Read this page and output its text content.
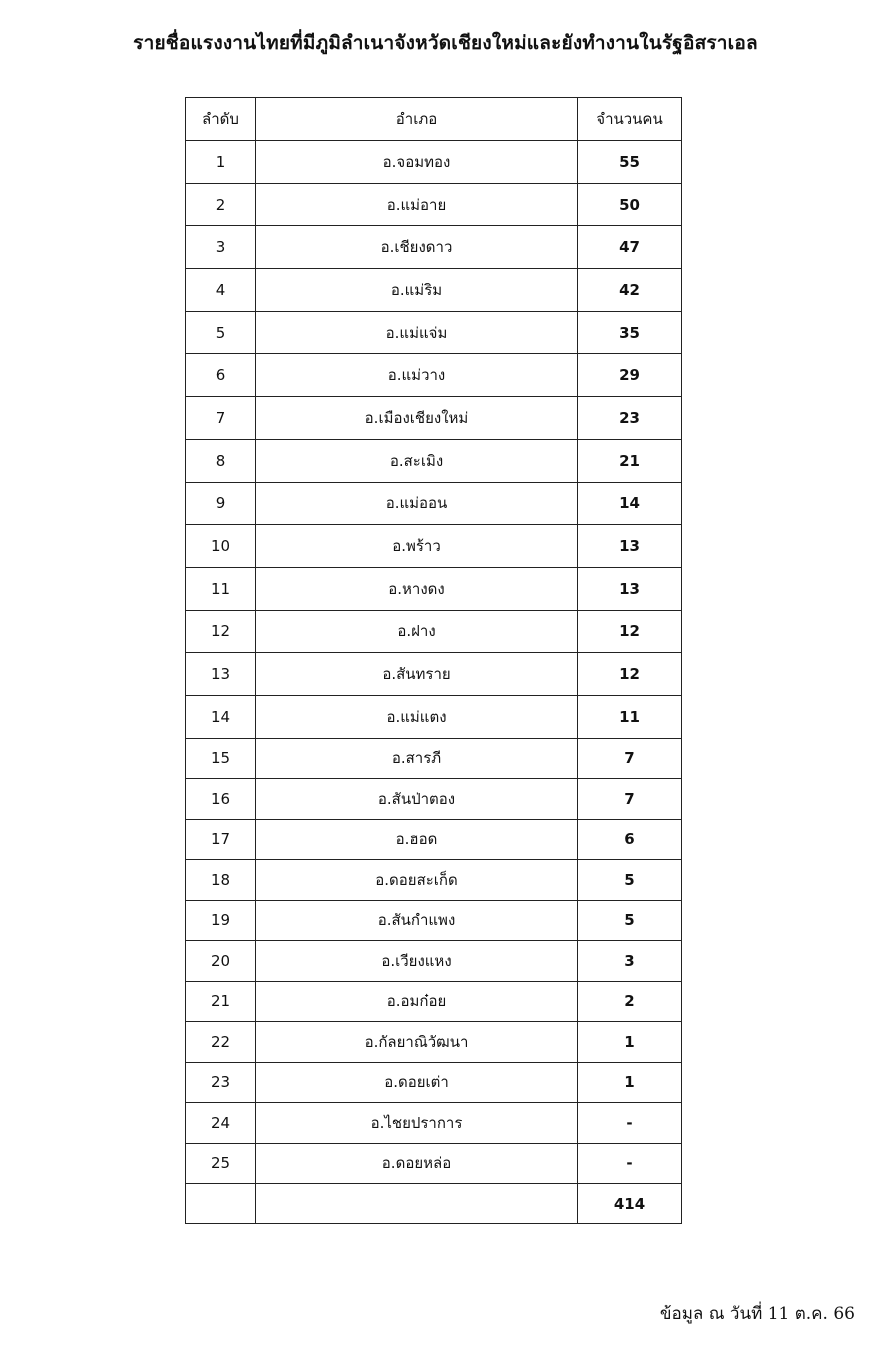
รายชื่อแรงงานไทยที่มีภูมิลำเนาจังหวัดเชียงใหม่และยังทำงานในรัฐอิสราเอล
ลำดับ	อำเภอ	จำนวนคน
1	อ.จอมทอง	55
2	อ.แม่อาย	50
3	อ.เชียงดาว	47
4	อ.แม่ริม	42
5	อ.แม่แจ่ม	35
6	อ.แม่วาง	29
7	อ.เมืองเชียงใหม่	23
8	อ.สะเมิง	21
9	อ.แม่ออน	14
10	อ.พร้าว	13
11	อ.หางดง	13
12	อ.ฝาง	12
13	อ.สันทราย	12
14	อ.แม่แตง	11
15	อ.สารภี	7
16	อ.สันป่าตอง	7
17	อ.ฮอด	6
18	อ.ดอยสะเก็ด	5
19	อ.สันกำแพง	5
20	อ.เวียงแหง	3
21	อ.อมก๋อย	2
22	อ.กัลยาณิวัฒนา	1
23	อ.ดอยเต่า	1
24	อ.ไชยปราการ	-
25	อ.ดอยหล่อ	-
		414
ข้อมูล ณ วันที่ 11 ต.ค. 66
